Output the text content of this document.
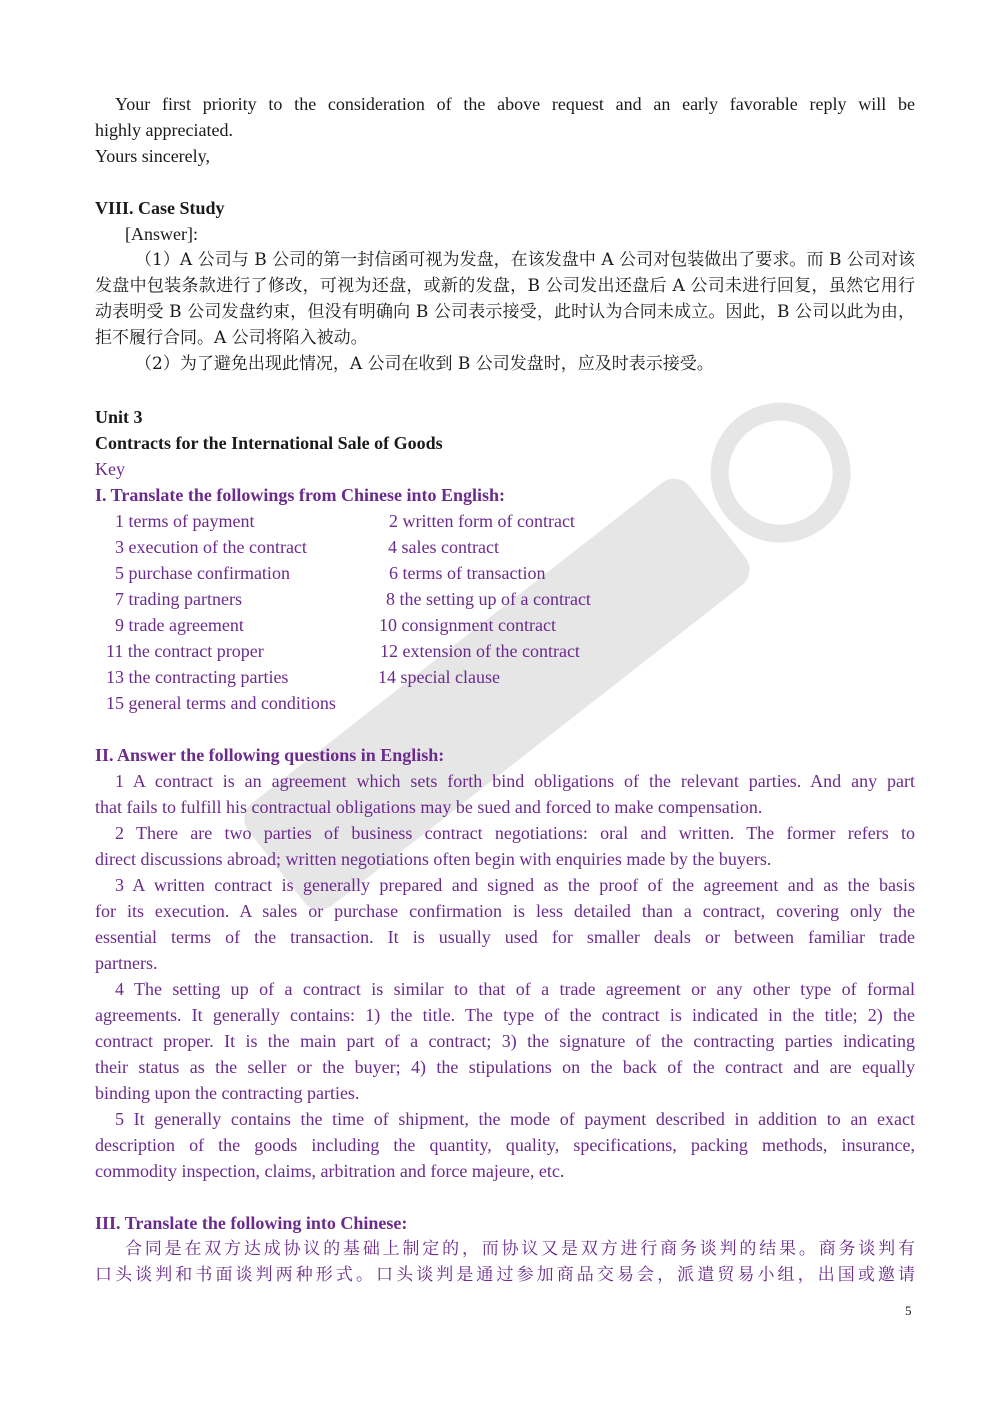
Your first priority to the consideration of the above request and an early favorable reply will be
highly appreciated.
Yours sincerely,
VIII. Case Study
[Answer]:
（1）A 公司与 B 公司的第一封信函可视为发盘，在该发盘中 A 公司对包装做出了要求。而 B 公司对该
发盘中包装条款进行了修改，可视为还盘，或新的发盘，B 公司发出还盘后 A 公司未进行回复，虽然它用行
动表明受 B 公司发盘约束，但没有明确向 B 公司表示接受，此时认为合同未成立。因此，B 公司以此为由，
拒不履行合同。A 公司将陷入被动。
（2）为了避免出现此情况，A 公司在收到 B 公司发盘时，应及时表示接受。
Unit 3
Contracts for the International Sale of Goods
Key
I. Translate the followings from Chinese into English:
1 terms of payment	2 written form of contract
3 execution of the contract	4 sales contract
5 purchase confirmation	6 terms of transaction
7 trading partners	8 the setting up of a contract
9 trade agreement	10 consignment contract
11 the contract proper	12 extension of the contract
13 the contracting parties	14 special clause
15 general terms and conditions
II. Answer the following questions in English:
1 A contract is an agreement which sets forth bind obligations of the relevant parties. And any part
that fails to fulfill his contractual obligations may be sued and forced to make compensation.
2 There are two parties of business contract negotiations: oral and written. The former refers to
direct discussions abroad; written negotiations often begin with enquiries made by the buyers.
3 A written contract is generally prepared and signed as the proof of the agreement and as the basis
for its execution. A sales or purchase confirmation is less detailed than a contract, covering only the
essential terms of the transaction. It is usually used for smaller deals or between familiar trade
partners.
4 The setting up of a contract is similar to that of a trade agreement or any other type of formal
agreements. It generally contains: 1) the title. The type of the contract is indicated in the title; 2) the
contract proper. It is the main part of a contract; 3) the signature of the contracting parties indicating
their status as the seller or the buyer; 4) the stipulations on the back of the contract and are equally
binding upon the contracting parties.
5 It generally contains the time of shipment, the mode of payment described in addition to an exact
description of the goods including the quantity, quality, specifications, packing methods, insurance,
commodity inspection, claims, arbitration and force majeure, etc.
III. Translate the following into Chinese:
合同是在双方达成协议的基础上制定的，而协议又是双方进行商务谈判的结果。商务谈判有
口头谈判和书面谈判两种形式。口头谈判是通过参加商品交易会，派遣贸易小组，出国或邀请
5
